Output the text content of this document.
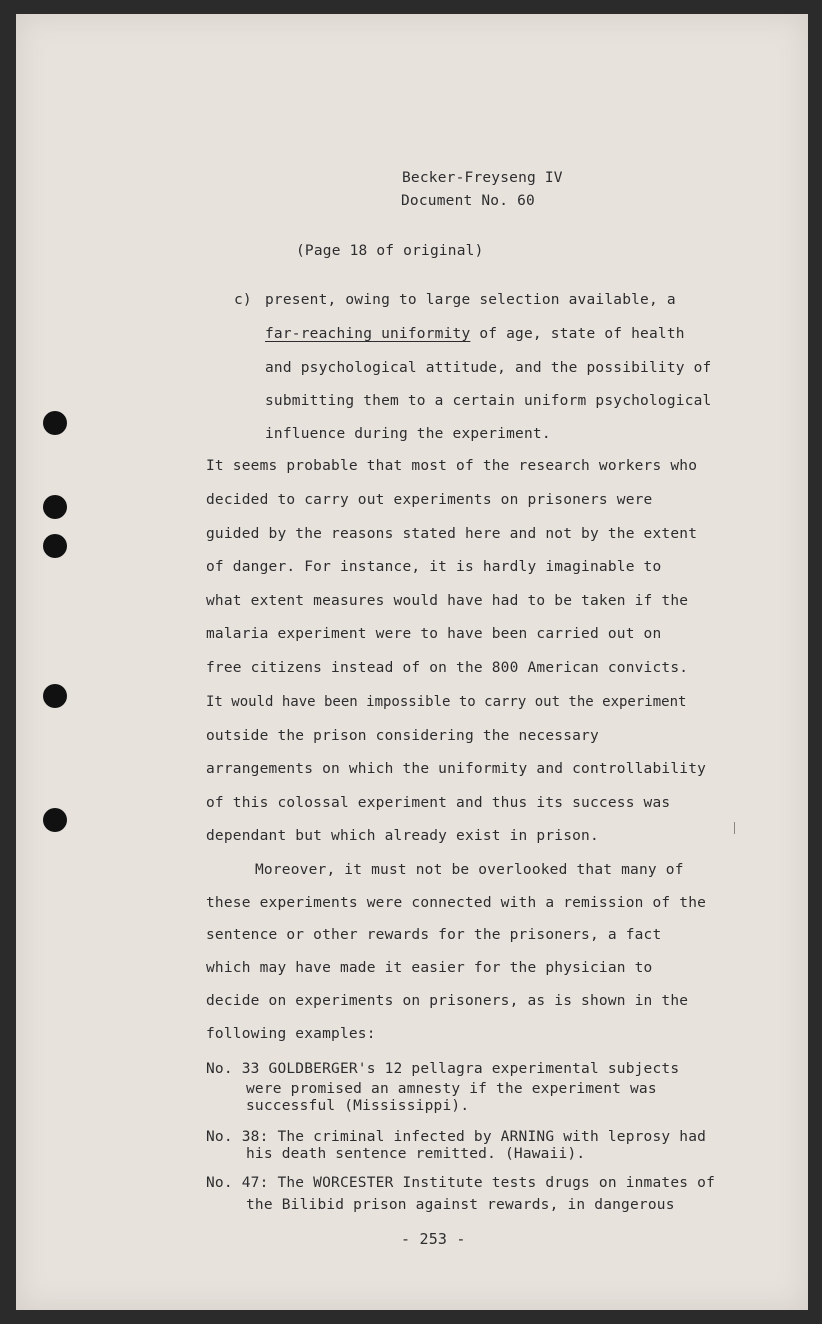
Becker-Freyseng IV
Document No. 60
(Page 18 of original)
c) present, owing to large selection available, a
far-reaching uniformity of age, state of health
and psychological attitude, and the possibility of
submitting them to a certain uniform psychological
influence during the experiment.
It seems probable that most of the research workers who
decided to carry out experiments on prisoners were
guided by the reasons stated here and not by the extent
of danger. For instance, it is hardly imaginable to
what extent measures would have had to be taken if the
malaria experiment were to have been carried out on
free citizens instead of on the 800 American convicts.
It would have been impossible to carry out the experiment
outside the prison considering the necessary
arrangements on which the uniformity and controllability
of this colossal experiment and thus its success was
dependant but which already exist in prison.
Moreover, it must not be overlooked that many of
these experiments were connected with a remission of the
sentence or other rewards for the prisoners, a fact
which may have made it easier for the physician to
decide on experiments on prisoners, as is shown in the
following examples:
No. 33 GOLDBERGER's 12 pellagra experimental subjects
were promised an amnesty if the experiment was
successful (Mississippi).
No. 38: The criminal infected by ARNING with leprosy had
his death sentence remitted. (Hawaii).
No. 47: The WORCESTER Institute tests drugs on inmates of
the Bilibid prison against rewards, in dangerous
- 253 -
